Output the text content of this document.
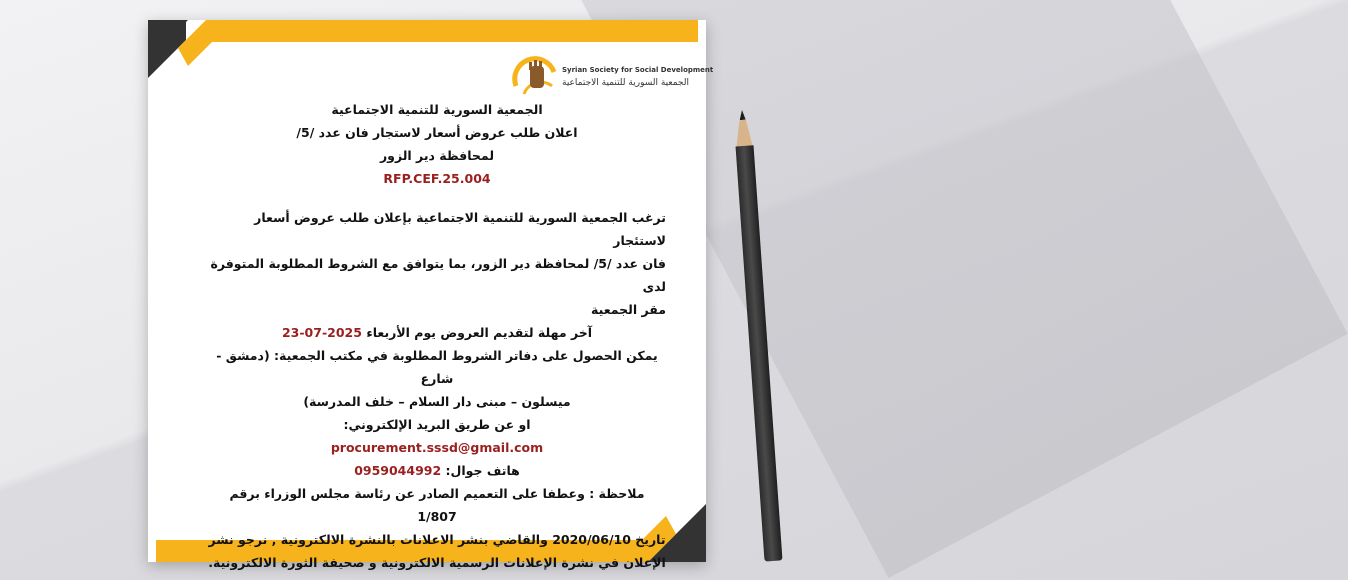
Syrian Society for Social Development
الجمعية السورية للتنمية الاجتماعية
الجمعية السورية للتنمية الاجتماعية
اعلان طلب عروض أسعار لاستجار فان عدد /5/
لمحافظة دير الزور
RFP.CEF.25.004
ترغب الجمعية السورية للتنمية الاجتماعية بإعلان طلب عروض أسعار لاستئجار
فان عدد /5/ لمحافظة دير الزور، بما يتوافق مع الشروط المطلوبة المتوفرة لدى
مقر الجمعية
آخر مهلة لتقديم العروض يوم الأربعاء 2025-07-23
يمكن الحصول على دفاتر الشروط المطلوبة في مكتب الجمعية: (دمشق - شارع
ميسلون – مبنى دار السلام – خلف المدرسة)
او عن طريق البريد الإلكتروني:
procurement.sssd@gmail.com
هاتف جوال: 0959044992
ملاحظة : وعطفا على التعميم الصادر عن رئاسة مجلس الوزراء برقم 1/807
تاريخ 2020/06/10 والقاضي بنشر الاعلانات بالنشرة الالكترونية , نرجو نشر
الإعلان في نشرة الإعلانات الرسمية الالكترونية و صحيفة الثورة الالكترونية.
